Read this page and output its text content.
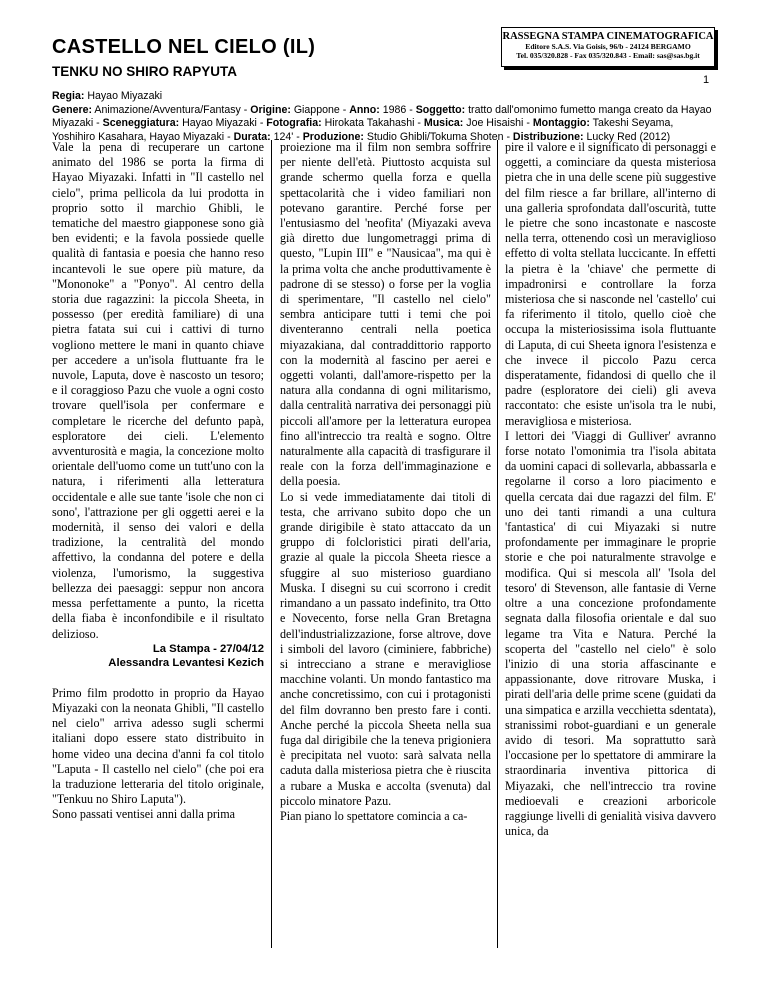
CASTELLO NEL CIELO (IL)
TENKU NO SHIRO RAPYUTA
RASSEGNA STAMPA CINEMATOGRAFICA
Editore S.A.S. Via Goisis, 96/b - 24124 BERGAMO
Tel. 035/320.828 - Fax 035/320.843 - Email: sas@sas.bg.it
1
Regia: Hayao Miyazaki
Genere: Animazione/Avventura/Fantasy - Origine: Giappone - Anno: 1986 - Soggetto: tratto dall'omonimo fumetto manga creato da Hayao Miyazaki - Sceneggiatura: Hayao Miyazaki - Fotografia: Hirokata Takahashi - Musica: Joe Hisaishi - Montaggio: Takeshi Seyama, Yoshihiro Kasahara, Hayao Miyazaki - Durata: 124' - Produzione: Studio Ghibli/Tokuma Shoten - Distribuzione: Lucky Red (2012)

Vale la pena di recuperare un cartone animato del 1986 se porta la firma di Hayao Miyazaki. Infatti in "Il castello nel cielo", prima pellicola da lui prodotta in proprio sotto il marchio Ghibli, le tematiche del maestro giapponese sono già ben evidenti; e la favola possiede quelle qualità di fantasia e poesia che hanno reso incantevoli le sue opere più mature, da "Mononoke" a "Ponyo". Al centro della storia due ragazzini: la piccola Sheeta, in possesso (per eredità familiare) di una pietra fatata sui cui i cattivi di turno vogliono mettere le mani in quanto chiave per accedere a un'isola fluttuante fra le nuvole, Laputa, dove è nascosto un tesoro; e il coraggioso Pazu che vuole a ogni costo trovare quell'isola per confermare e completare le ricerche del defunto papà, esploratore dei cieli. L'elemento avventurosità e magia, la concezione molto orientale dell'uomo come un tutt'uno con la natura, i riferimenti alla letteratura occidentale e alle sue tante 'isole che non ci sono', l'attrazione per gli oggetti aerei e la modernità, il senso dei valori e della tradizione, la centralità del mondo affettivo, la condanna del potere e della violenza, l'umorismo, la suggestiva bellezza dei paesaggi: seppur non ancora messa perfettamente a punto, la ricetta della fiaba è inconfondibile e il risultato delizioso.

La Stampa - 27/04/12
Alessandra Levantesi Kezich

Primo film prodotto in proprio da Hayao Miyazaki con la neonata Ghibli, "Il castello nel cielo" arriva adesso sugli schermi italiani dopo essere stato distribuito in home video una decina d'anni fa col titolo "Laputa - Il castello nel cielo" (che poi era la traduzione letteraria del titolo originale, "Tenkuu no Shiro Laputa").
Sono passati ventisei anni dalla prima

proiezione ma il film non sembra soffrire per niente dell'età. Piuttosto acquista sul grande schermo quella forza e quella spettacolarità che i video familiari non potevano garantire. Perché forse per l'entusiasmo del 'neofita' (Miyazaki aveva già diretto due lungometraggi prima di questo, "Lupin III" e "Nausicaa", ma qui è la prima volta che anche produttivamente è padrone di se stesso) o forse per la voglia di sperimentare, "Il castello nel cielo" sembra anticipare tutti i temi che poi diventeranno centrali nella poetica miyazakiana, dal contraddittorio rapporto con la modernità al fascino per aerei e oggetti volanti, dall'amore-rispetto per la natura alla condanna di ogni militarismo, dalla centralità narrativa dei personaggi più piccoli all'amore per la letteratura europea fino all'intreccio tra realtà e sogno. Oltre naturalmente alla capacità di trasfigurare il reale con la forza dell'immaginazione e della poesia.
Lo si vede immediatamente dai titoli di testa, che arrivano subito dopo che un grande dirigibile è stato attaccato da un gruppo di folcloristici pirati dell'aria, grazie al quale la piccola Sheeta riesce a sfuggire al suo misterioso guardiano Muska. I disegni su cui scorrono i credit rimandano a un passato indefinito, tra Otto e Novecento, forse nella Gran Bretagna dell'industrializzazione, forse altrove, dove i simboli del lavoro (ciminiere, fabbriche) si intrecciano a strane e meravigliose macchine volanti. Un mondo fantastico ma anche concretissimo, con cui i protagonisti del film dovranno ben presto fare i conti. Anche perché la piccola Sheeta nella sua fuga dal dirigibile che la teneva prigioniera è precipitata nel vuoto: sarà salvata nella caduta dalla misteriosa pietra che è riuscita a rubare a Muska e accolta (svenuta) dal piccolo minatore Pazu.
Pian piano lo spettatore comincia a ca-

pire il valore e il significato di personaggi e oggetti, a cominciare da questa misteriosa pietra che in una delle scene più suggestive del film riesce a far brillare, all'interno di una galleria sprofondata dall'oscurità, tutte le pietre che sono incastonate e nascoste nella terra, ottenendo così un meraviglioso effetto di volta stellata luccicante. In effetti la pietra è la 'chiave' che permette di impadronirsi e controllare la forza misteriosa che si nasconde nel 'castello' cui fa riferimento il titolo, quello cioè che occupa la misteriosissima isola fluttuante di Laputa, di cui Sheeta ignora l'esistenza e che invece il piccolo Pazu cerca disperatamente, fidandosi di quello che il padre (esploratore dei cieli) gli aveva raccontato: che esiste un'isola tra le nubi, meravigliosa e misteriosa.
I lettori dei 'Viaggi di Gulliver' avranno forse notato l'omonimia tra l'isola abitata da uomini capaci di sollevarla, abbassarla e regolarne il corso a loro piacimento e quella cercata dai due ragazzi del film. E' uno dei tanti rimandi a una cultura 'fantastica' di cui Miyazaki si nutre profondamente per immaginare le proprie storie e che poi naturalmente stravolge e modifica. Qui si mescola all' 'Isola del tesoro' di Stevenson, alle fantasie di Verne oltre a una concezione profondamente segnata dalla filosofia orientale e dal suo legame tra Vita e Natura. Perché la scoperta del "castello nel cielo" è solo l'inizio di una storia affascinante e appassionante, dove ritrovare Muska, i pirati dell'aria delle prime scene (guidati da una simpatica e arzilla vecchietta sdentata), stranissimi robot-guardiani e un generale avido di tesori. Ma soprattutto sarà l'occasione per lo spettatore di ammirare la straordinaria inventiva pittorica di Miyazaki, che nell'intreccio tra rovine medioevali e creazioni arboricole raggiunge livelli di genialità visiva davvero unica, da
